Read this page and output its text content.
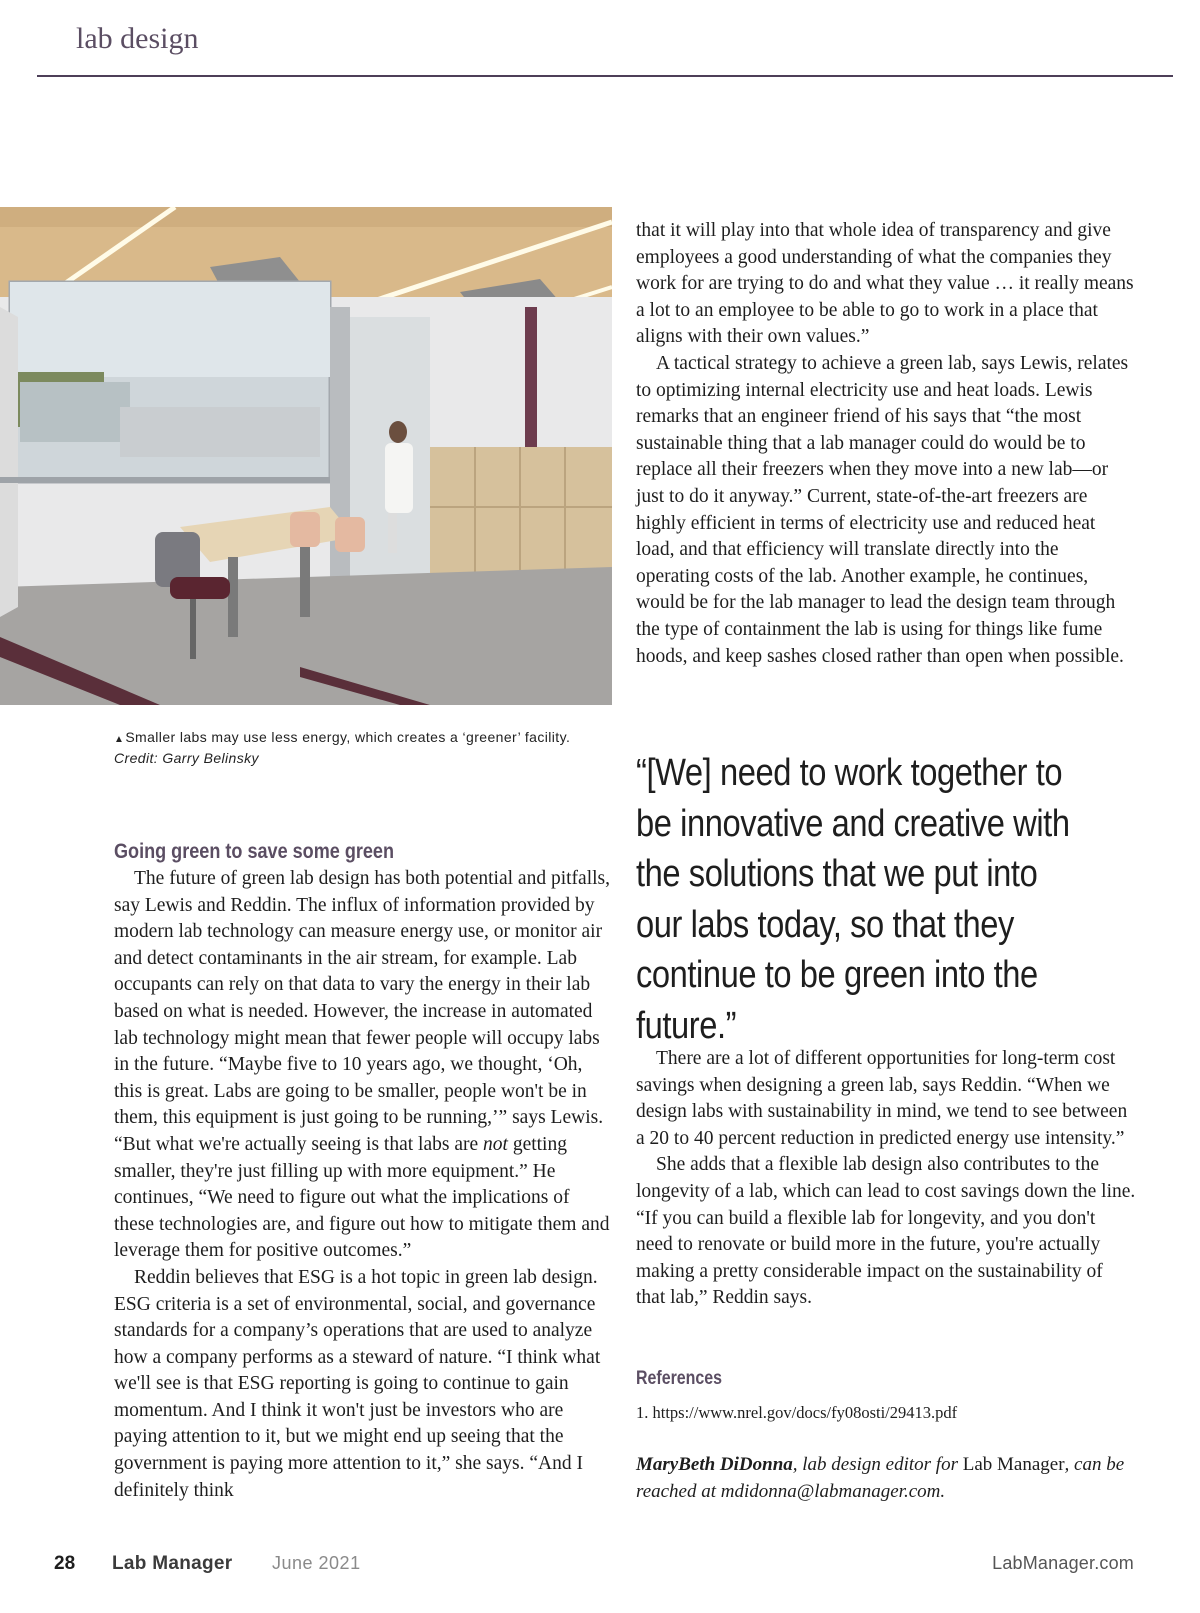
lab design
▲Smaller labs may use less energy, which creates a ‘greener’ facility. Credit: Garry Belinsky

that it will play into that whole idea of transparency and give employees a good understanding of what the companies they work for are trying to do and what they value … it really means a lot to an employee to be able to go to work in a place that aligns with their own values.”

A tactical strategy to achieve a green lab, says Lewis, relates to optimizing internal electricity use and heat loads. Lewis remarks that an engineer friend of his says that “the most sustainable thing that a lab manager could do would be to replace all their freezers when they move into a new lab—or just to do it anyway.” Current, state-of-the-art freezers are highly efficient in terms of electricity use and reduced heat load, and that efficiency will translate directly into the operating costs of the lab. Another example, he continues, would be for the lab manager to lead the design team through the type of containment the lab is using for things like fume hoods, and keep sashes closed rather than open when possible.

“[We] need to work together to be innovative and creative with the solutions that we put into our labs today, so that they continue to be green into the future.”
Going green to save some green

The future of green lab design has both potential and pitfalls, say Lewis and Reddin. The influx of information provided by modern lab technology can measure energy use, or monitor air and detect contaminants in the air stream, for example. Lab occupants can rely on that data to vary the energy in their lab based on what is needed. However, the increase in automated lab technology might mean that fewer people will occupy labs in the future. “Maybe five to 10 years ago, we thought, ‘Oh, this is great. Labs are going to be smaller, people won't be in them, this equipment is just going to be running,’” says Lewis. “But what we're actually seeing is that labs are not getting smaller, they're just filling up with more equipment.” He continues, “We need to figure out what the implications of these technologies are, and figure out how to mitigate them and leverage them for positive outcomes.”

Reddin believes that ESG is a hot topic in green lab design. ESG criteria is a set of environmental, social, and governance standards for a company’s operations that are used to analyze how a company performs as a steward of nature. “I think what we'll see is that ESG reporting is going to continue to gain momentum. And I think it won't just be investors who are paying attention to it, but we might end up seeing that the government is paying more attention to it,” she says. “And I definitely think

There are a lot of different opportunities for long-term cost savings when designing a green lab, says Reddin. “When we design labs with sustainability in mind, we tend to see between a 20 to 40 percent reduction in predicted energy use intensity.”

She adds that a flexible lab design also contributes to the longevity of a lab, which can lead to cost savings down the line. “If you can build a flexible lab for longevity, and you don't need to renovate or build more in the future, you're actually making a pretty considerable impact on the sustainability of that lab,” Reddin says.

References
1. https://www.nrel.gov/docs/fy08osti/29413.pdf
MaryBeth DiDonna, lab design editor for Lab Manager, can be reached at mdidonna@labmanager.com.
28 Lab Manager June 2021	LabManager.com
